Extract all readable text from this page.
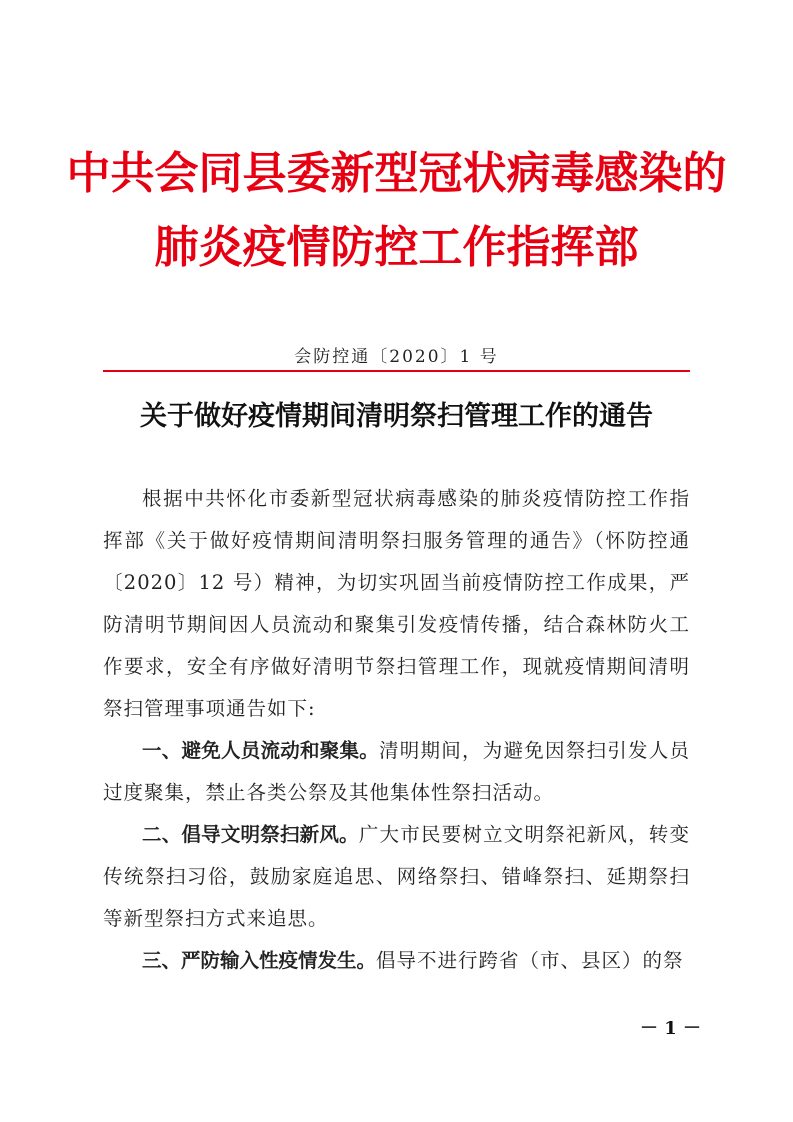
中共会同县委新型冠状病毒感染的
肺炎疫情防控工作指挥部
会防控通〔2020〕1 号
关于做好疫情期间清明祭扫管理工作的通告

根据中共怀化市委新型冠状病毒感染的肺炎疫情防控工作指挥部《关于做好疫情期间清明祭扫服务管理的通告》（怀防控通〔2020〕12 号）精神，为切实巩固当前疫情防控工作成果，严防清明节期间因人员流动和聚集引发疫情传播，结合森林防火工作要求，安全有序做好清明节祭扫管理工作，现就疫情期间清明祭扫管理事项通告如下:

一、避免人员流动和聚集。清明期间，为避免因祭扫引发人员过度聚集，禁止各类公祭及其他集体性祭扫活动。

二、倡导文明祭扫新风。广大市民要树立文明祭祀新风，转变传统祭扫习俗，鼓励家庭追思、网络祭扫、错峰祭扫、延期祭扫等新型祭扫方式来追思。

三、严防输入性疫情发生。倡导不进行跨省（市、县区）的祭

－ 1 －
